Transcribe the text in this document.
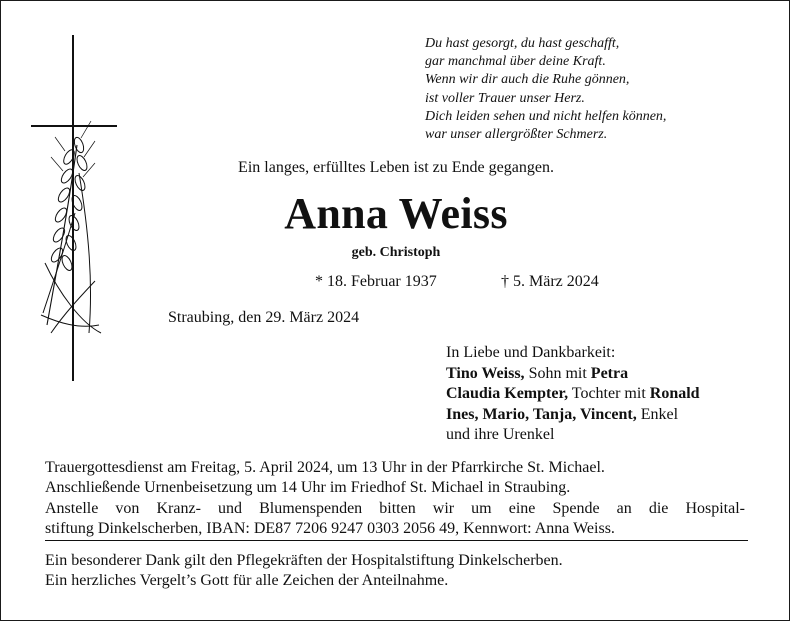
Du hast gesorgt, du hast geschafft,
gar manchmal über deine Kraft.
Wenn wir dir auch die Ruhe gönnen,
ist voller Trauer unser Herz.
Dich leiden sehen und nicht helfen können,
war unser allergrößter Schmerz.
Ein langes, erfülltes Leben ist zu Ende gegangen.
Anna Weiss
geb. Christoph
* 18. Februar 1937	† 5. März 2024
Straubing, den 29. März 2024
In Liebe und Dankbarkeit:
Tino Weiss, Sohn mit Petra
Claudia Kempter, Tochter mit Ronald
Ines, Mario, Tanja, Vincent, Enkel
und ihre Urenkel
Trauergottesdienst am Freitag, 5. April 2024, um 13 Uhr in der Pfarrkirche St. Michael.
Anschließende Urnenbeisetzung um 14 Uhr im Friedhof St. Michael in Straubing.
Anstelle von Kranz- und Blumenspenden bitten wir um eine Spende an die Hospital-
stiftung Dinkelscherben, IBAN: DE87 7206 9247 0303 2056 49, Kennwort: Anna Weiss.
Ein besonderer Dank gilt den Pflegekräften der Hospitalstiftung Dinkelscherben.
Ein herzliches Vergelt’s Gott für alle Zeichen der Anteilnahme.
